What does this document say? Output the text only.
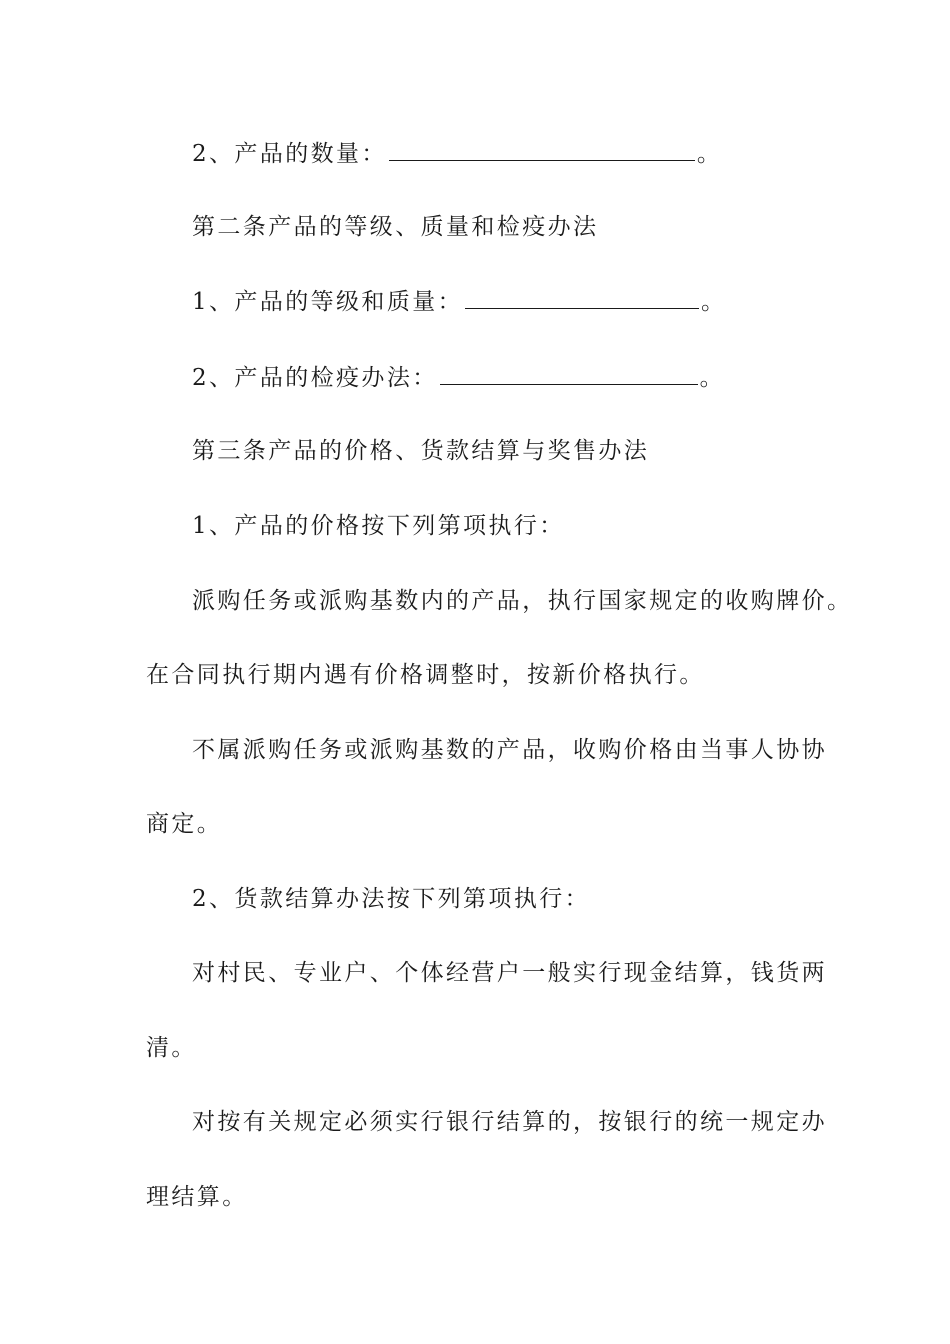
2、产品的数量：	。
第二条产品的等级、质量和检疫办法
1、产品的等级和质量：	。
2、产品的检疫办法：	。
第三条产品的价格、货款结算与奖售办法
1、产品的价格按下列第项执行：
派购任务或派购基数内的产品，执行国家规定的收购牌价。
在合同执行期内遇有价格调整时，按新价格执行。
不属派购任务或派购基数的产品，收购价格由当事人协协
商定。
2、货款结算办法按下列第项执行：
对村民、专业户、个体经营户一般实行现金结算，钱货两
清。
对按有关规定必须实行银行结算的，按银行的统一规定办
理结算。
